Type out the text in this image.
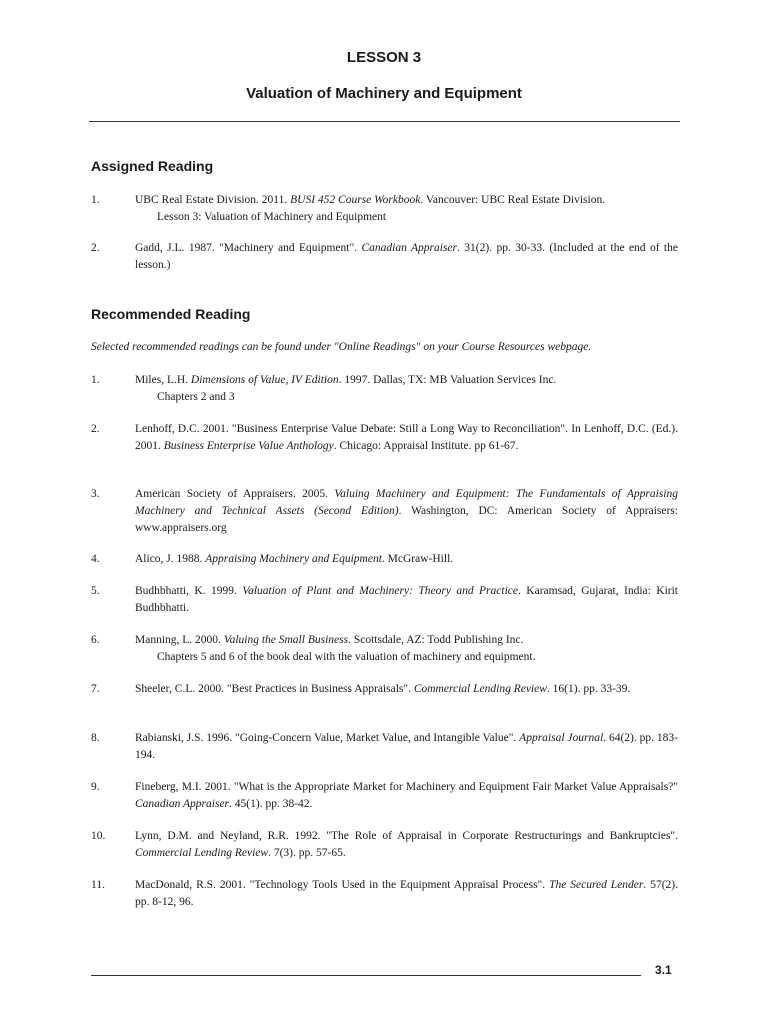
LESSON 3
Valuation of Machinery and Equipment
Assigned Reading
1.	UBC Real Estate Division. 2011. BUSI 452 Course Workbook. Vancouver: UBC Real Estate Division.
Lesson 3: Valuation of Machinery and Equipment
2.	Gadd, J.L. 1987. "Machinery and Equipment". Canadian Appraiser. 31(2). pp. 30-33. (Included at the end of the lesson.)
Recommended Reading
Selected recommended readings can be found under "Online Readings" on your Course Resources webpage.
1.	Miles, L.H. Dimensions of Value, IV Edition. 1997. Dallas, TX: MB Valuation Services Inc.
Chapters 2 and 3
2.	Lenhoff, D.C. 2001. "Business Enterprise Value Debate: Still a Long Way to Reconciliation". In Lenhoff, D.C. (Ed.). 2001. Business Enterprise Value Anthology. Chicago: Appraisal Institute. pp 61-67.
3.	American Society of Appraisers. 2005. Valuing Machinery and Equipment: The Fundamentals of Appraising Machinery and Technical Assets (Second Edition). Washington, DC: American Society of Appraisers: www.appraisers.org
4.	Alico, J. 1988. Appraising Machinery and Equipment. McGraw-Hill.
5.	Budhbhatti, K. 1999. Valuation of Plant and Machinery: Theory and Practice. Karamsad, Gujarat, India: Kirit Budhbhatti.
6.	Manning, L. 2000. Valuing the Small Business. Scottsdale, AZ: Todd Publishing Inc.
Chapters 5 and 6 of the book deal with the valuation of machinery and equipment.
7.	Sheeler, C.L. 2000. "Best Practices in Business Appraisals". Commercial Lending Review. 16(1). pp. 33-39.
8.	Rabianski, J.S. 1996. "Going-Concern Value, Market Value, and Intangible Value". Appraisal Journal. 64(2). pp. 183-194.
9.	Fineberg, M.I. 2001. "What is the Appropriate Market for Machinery and Equipment Fair Market Value Appraisals?" Canadian Appraiser. 45(1). pp. 38-42.
10.	Lynn, D.M. and Neyland, R.R. 1992. "The Role of Appraisal in Corporate Restructurings and Bankruptcies". Commercial Lending Review. 7(3). pp. 57-65.
11.	MacDonald, R.S. 2001. "Technology Tools Used in the Equipment Appraisal Process". The Secured Lender. 57(2). pp. 8-12, 96.
3.1
